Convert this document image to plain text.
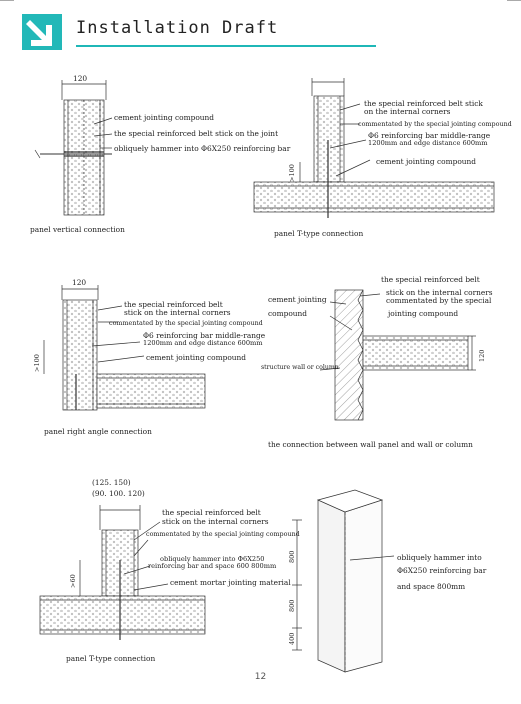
Installation Draft
>100
>100	120
>60
800
800
400
120
cement jointing compound
the special reinforced belt stick on the joint
obliquely hammer into Φ6X250 reinforcing bar
panel vertical connection
the special reinforced belt stick
on the internal corners
commentated by the special jointing compound
Φ6 reinforcing bar middle-range
1200mm and edge distance 600mm
cement jointing compound
panel T-type connection
120
the special reinforced belt
stick on the internal corners
commentated by the special jointing compound
Φ6 reinforcing bar middle-range
1200mm and edge distance 600mm
cement jointing compound
panel right angle connection
the special reinforced belt
stick on the internal corners
commentated by the special
jointing compound
cement jointing
compound
structure wall or column
the connection between wall panel and wall or column
(125. 150)
(90. 100. 120)
the special reinforced belt
stick on the internal corners
commentated by the special jointing compound
obliquely hammer into Φ6X250
reinforcing bar and space 600 800mm
cement mortar jointing material
panel T-type connection
obliquely hammer into
Φ6X250 reinforcing bar
and space 800mm
12
